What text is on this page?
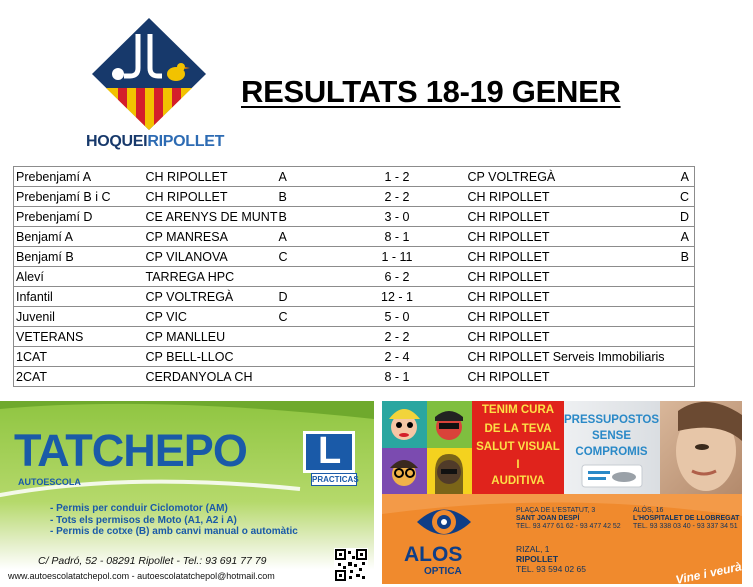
HOQUEIRIPOLLET
RESULTATS 18-19 GENER
Prebenjamí A	CH RIPOLLET	A	1 - 2	CP VOLTREGÀ	A
Prebenjamí B i C	CH RIPOLLET	B	2 - 2	CH RIPOLLET	C
Prebenjamí D	CE ARENYS DE MUNT	B	3 - 0	CH RIPOLLET	D
Benjamí A	CP MANRESA	A	8 - 1	CH RIPOLLET	A
Benjamí B	CP VILANOVA	C	1 - 11	CH RIPOLLET	B
Aleví	TARREGA HPC		6 - 2	CH RIPOLLET	
Infantil	CP VOLTREGÀ	D	12 - 1	CH RIPOLLET	
Juvenil	CP VIC	C	5 - 0	CH RIPOLLET	
VETERANS	CP MANLLEU		2 - 2	CH RIPOLLET	
1CAT	CP BELL-LLOC		2 - 4	CH RIPOLLET Serveis Immobiliaris	
2CAT	CERDANYOLA CH		8 - 1	CH RIPOLLET	
TATCHEPO L
PRACTICAS
AUTOESCOLA
- Permis per conduir Ciclomotor (AM)
- Tots els permisos de Moto (A1, A2 i A)
- Permis de cotxe (B) amb canvi manual o automàtic
C/ Padró, 52 - 08291 Ripollet - Tel.: 93 691 77 79
www.autoescolatatchepol.com - autoescolatatchepol@hotmail.com
TENIM CURA
DE LA TEVA
SALUT VISUAL
I
AUDITIVA
PRESSUPOSTOS
SENSE
COMPROMIS
ALOS
OPTICA
PLAÇA DE L'ESTATUT, 3
SANT JOAN DESPÍ
TEL. 93 477 61 62 - 93 477 42 52
ALÓS, 16
L'HOSPITALET DE LLOBREGAT
TEL. 93 338 03 40 - 93 337 34 51
RIZAL, 1
RIPOLLET
TEL. 93 594 02 65	Vine i veuràs!
